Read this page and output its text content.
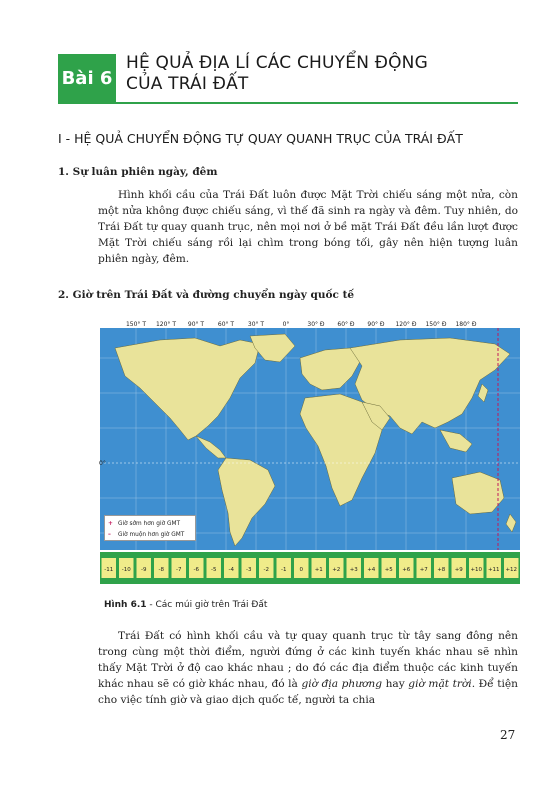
Bài 6
HỆ QUẢ ĐỊA LÍ CÁC CHUYỂN ĐỘNG
CỦA TRÁI ĐẤT
I - HỆ QUẢ CHUYỂN ĐỘNG TỰ QUAY QUANH TRỤC CỦA TRÁI ĐẤT
1. Sự luân phiên ngày, đêm
Hình khối cầu của Trái Đất luôn được Mặt Trời chiếu sáng một nửa, còn một nửa không được chiếu sáng, vì thế đã sinh ra ngày và đêm. Tuy nhiên, do Trái Đất tự quay quanh trục, nên mọi nơi ở bề mặt Trái Đất đều lần lượt được Mặt Trời chiếu sáng rồi lại chìm trong bóng tối, gây nên hiện tượng luân phiên ngày, đêm.
2. Giờ trên Trái Đất và đường chuyển ngày quốc tế
150° T 120° T 90° T 60° T 30° T	0°	30° Đ 60° Đ 90° Đ 120° Đ 150° Đ 180° Đ
0°
-11 -10 -9 -8 -7 -6 -5 -4 -3 -2 -1 0 +1 +2 +3 +4 +5 +6 +7 +8 +9 +10 +11 +12
+ Giờ sớm hơn giờ GMT
–	Giờ muộn hơn giờ GMT
Hình 6.1 - Các múi giờ trên Trái Đất
Trái Đất có hình khối cầu và tự quay quanh trục từ tây sang đông nên trong cùng một thời điểm, người đứng ở các kinh tuyến khác nhau sẽ nhìn thấy Mặt Trời ở độ cao khác nhau ; do đó các địa điểm thuộc các kinh tuyến khác nhau sẽ có giờ khác nhau, đó là giờ địa phương hay giờ mặt trời. Để tiện cho việc tính giờ và giao dịch quốc tế, người ta chia
27
